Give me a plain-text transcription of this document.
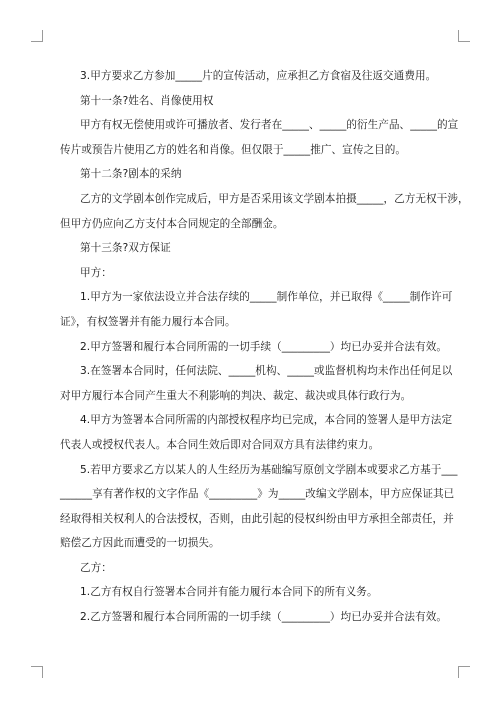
3.甲方要求乙方参加_____片的宣传活动，应承担乙方食宿及往返交通费用。

第十一条?姓名、肖像使用权

甲方有权无偿使用或许可播放者、发行者在_____、_____的衍生产品、_____的宣

传片或预告片使用乙方的姓名和肖像。但仅限于_____推广、宣传之目的。

第十二条?剧本的采纳

乙方的文学剧本创作完成后，甲方是否采用该文学剧本拍摄_____，乙方无权干涉，

但甲方仍应向乙方支付本合同规定的全部酬金。

第十三条?双方保证

甲方：

1.甲方为一家依法设立并合法存续的_____制作单位，并已取得《_____制作许可

证》，有权签署并有能力履行本合同。

2.甲方签署和履行本合同所需的一切手续（_________）均已办妥并合法有效。

3.在签署本合同时，任何法院、_____机构、_____或监督机构均未作出任何足以

对甲方履行本合同产生重大不利影响的判决、裁定、裁决或具体行政行为。

4.甲方为签署本合同所需的内部授权程序均已完成，本合同的签署人是甲方法定

代表人或授权代表人。本合同生效后即对合同双方具有法律约束力。

5.若甲方要求乙方以某人的人生经历为基础编写原创文学剧本或要求乙方基于___

______享有著作权的文字作品《_________》为_____改编文学剧本，甲方应保证其已

经取得相关权利人的合法授权，否则，由此引起的侵权纠纷由甲方承担全部责任，并

赔偿乙方因此而遭受的一切损失。

乙方：

1.乙方有权自行签署本合同并有能力履行本合同下的所有义务。

2.乙方签署和履行本合同所需的一切手续（_________）均已办妥并合法有效。
